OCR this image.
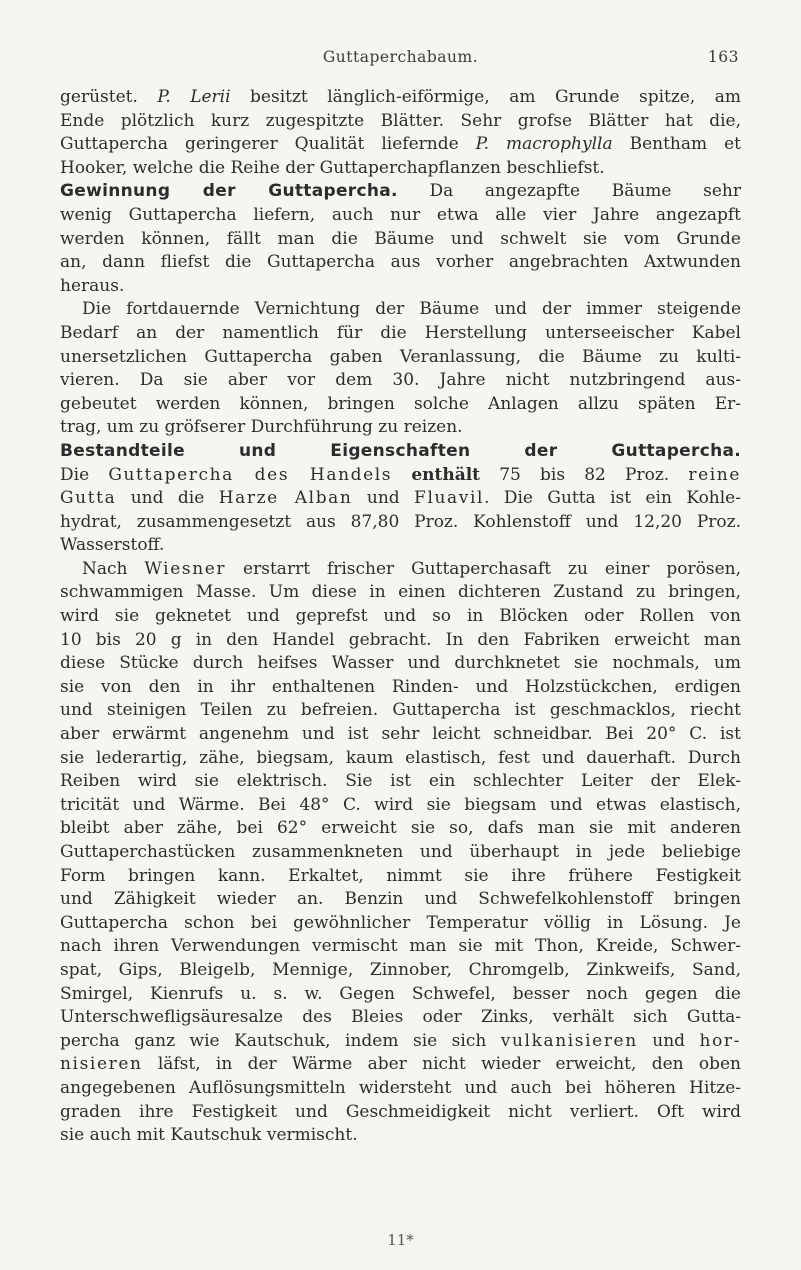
Guttaperchabaum.	163
gerüstet. P. Lerii besitzt länglich-eiförmige, am Grunde spitze, am
Ende plötzlich kurz zugespitzte Blätter. Sehr grofse Blätter hat die,
Guttapercha geringerer Qualität liefernde P. macrophylla Bentham et
Hooker, welche die Reihe der Guttaperchapflanzen beschliefst.
Gewinnung der Guttapercha. Da angezapfte Bäume sehr
wenig Guttapercha liefern, auch nur etwa alle vier Jahre angezapft
werden können, fällt man die Bäume und schwelt sie vom Grunde
an, dann fliefst die Guttapercha aus vorher angebrachten Axtwunden
heraus.
Die fortdauernde Vernichtung der Bäume und der immer steigende
Bedarf an der namentlich für die Herstellung unterseeischer Kabel
unersetzlichen Guttapercha gaben Veranlassung, die Bäume zu kulti-
vieren. Da sie aber vor dem 30. Jahre nicht nutzbringend aus-
gebeutet werden können, bringen solche Anlagen allzu späten Er-
trag, um zu gröfserer Durchführung zu reizen.
Bestandteile und Eigenschaften der Guttapercha.
Die Guttapercha des Handels enthält 75 bis 82 Proz. reine
Gutta und die Harze Alban und Fluavil. Die Gutta ist ein Kohle-
hydrat, zusammengesetzt aus 87,80 Proz. Kohlenstoff und 12,20 Proz.
Wasserstoff.
Nach Wiesner erstarrt frischer Guttaperchasaft zu einer porösen,
schwammigen Masse. Um diese in einen dichteren Zustand zu bringen,
wird sie geknetet und geprefst und so in Blöcken oder Rollen von
10 bis 20 g in den Handel gebracht. In den Fabriken erweicht man
diese Stücke durch heifses Wasser und durchknetet sie nochmals, um
sie von den in ihr enthaltenen Rinden- und Holzstückchen, erdigen
und steinigen Teilen zu befreien. Guttapercha ist geschmacklos, riecht
aber erwärmt angenehm und ist sehr leicht schneidbar. Bei 20° C. ist
sie lederartig, zähe, biegsam, kaum elastisch, fest und dauerhaft. Durch
Reiben wird sie elektrisch. Sie ist ein schlechter Leiter der Elek-
tricität und Wärme. Bei 48° C. wird sie biegsam und etwas elastisch,
bleibt aber zähe, bei 62° erweicht sie so, dafs man sie mit anderen
Guttaperchastücken zusammenkneten und überhaupt in jede beliebige
Form bringen kann. Erkaltet, nimmt sie ihre frühere Festigkeit
und Zähigkeit wieder an. Benzin und Schwefelkohlenstoff bringen
Guttapercha schon bei gewöhnlicher Temperatur völlig in Lösung. Je
nach ihren Verwendungen vermischt man sie mit Thon, Kreide, Schwer-
spat, Gips, Bleigelb, Mennige, Zinnober, Chromgelb, Zinkweifs, Sand,
Smirgel, Kienrufs u. s. w. Gegen Schwefel, besser noch gegen die
Unterschwefligsäuresalze des Bleies oder Zinks, verhält sich Gutta-
percha ganz wie Kautschuk, indem sie sich vulkanisieren und hor-
nisieren läfst, in der Wärme aber nicht wieder erweicht, den oben
angegebenen Auflösungsmitteln widersteht und auch bei höheren Hitze-
graden ihre Festigkeit und Geschmeidigkeit nicht verliert. Oft wird
sie auch mit Kautschuk vermischt.
11*
